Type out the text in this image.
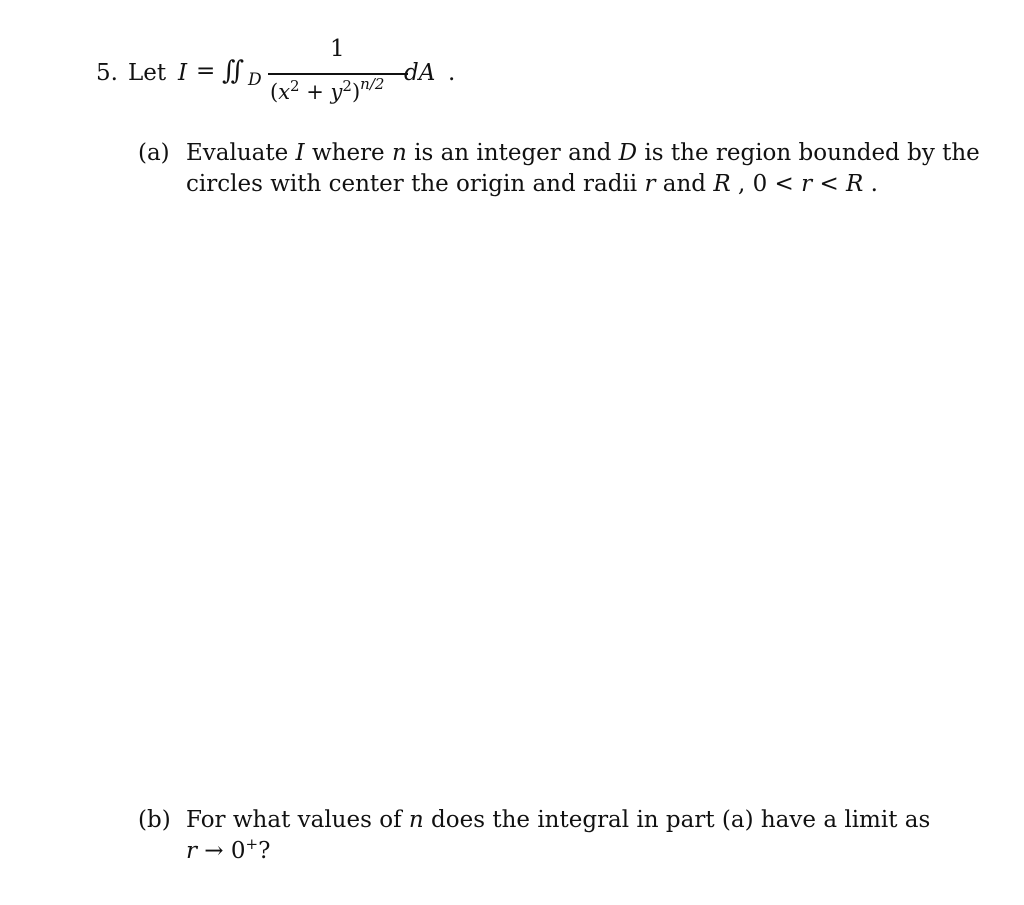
5. Let I = ∬ D
1
$(x^2 + y^2)^{n/2}$ dA .
(a) Evaluate I where n is an integer and D is the region bounded by the
circles with center the origin and radii r and R , 0 < r < R .
(b) For what values of n does the integral in part (a) have a limit as
r → 0+?
